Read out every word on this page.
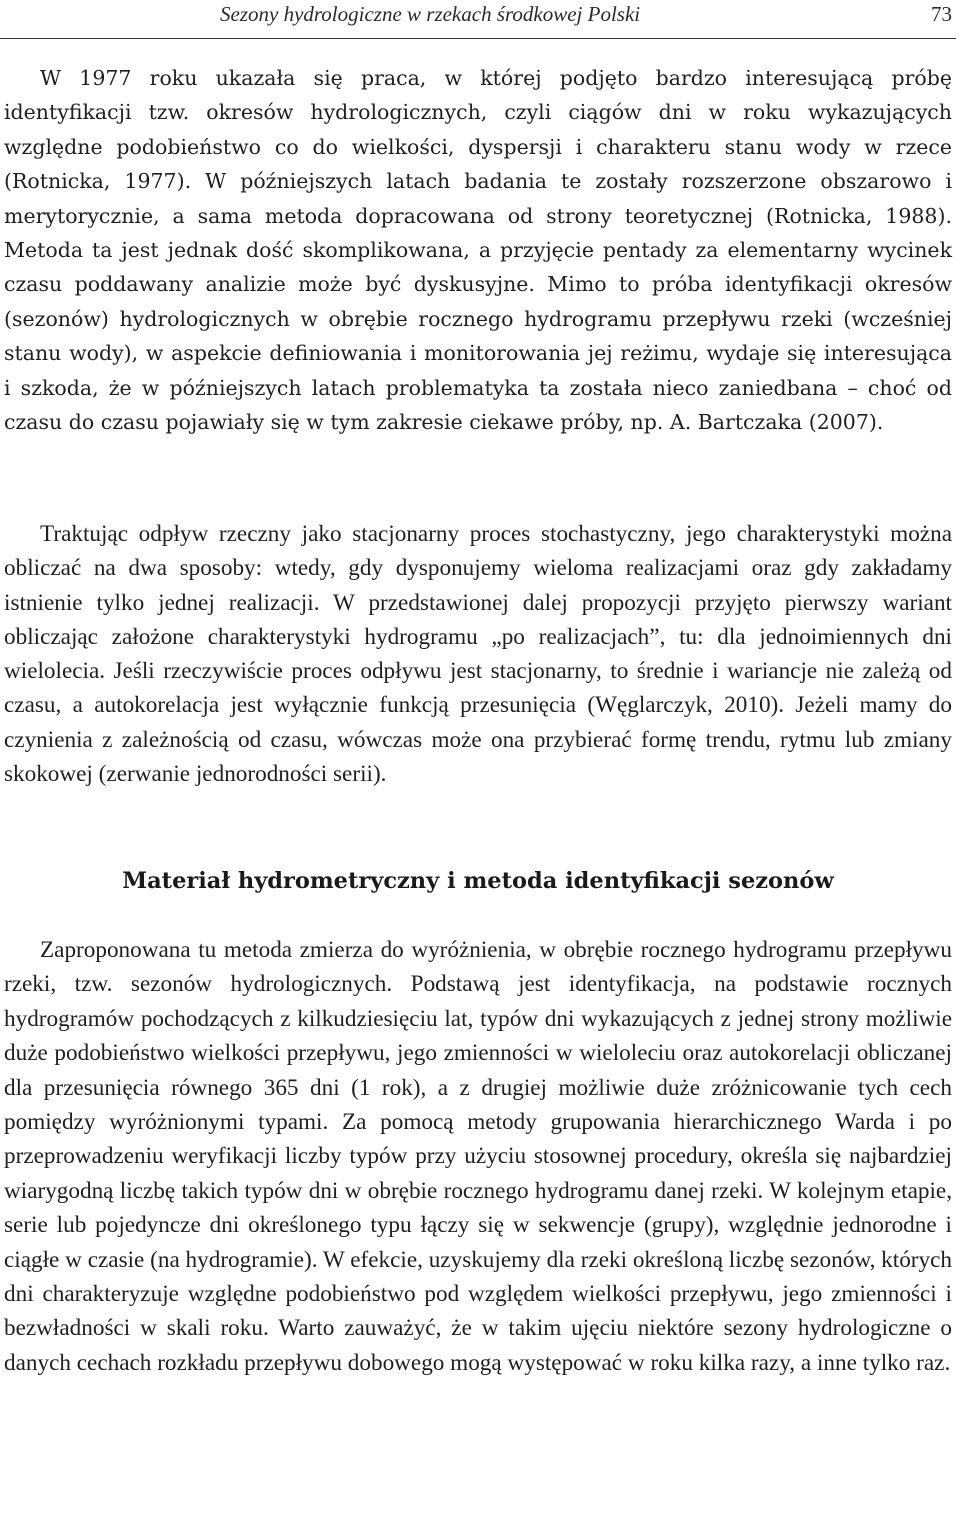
Sezony hydrologiczne w rzekach środkowej Polski	73

W 1977 roku ukazała się praca, w której podjęto bardzo interesującą próbę identyfikacji tzw. okresów hydrologicznych, czyli ciągów dni w roku wykazujących względne podobieństwo co do wielkości, dyspersji i charakteru stanu wody w rzece (Rotnicka, 1977). W późniejszych latach badania te zostały rozszerzone obszarowo i merytorycznie, a sama metoda dopracowana od strony teoretycznej (Rotnicka, 1988). Metoda ta jest jednak dość skomplikowana, a przyjęcie pentady za elementarny wycinek czasu poddawany analizie może być dyskusyjne. Mimo to próba identyfikacji okresów (sezonów) hydrologicznych w obrębie rocznego hydrogramu przepływu rzeki (wcześniej stanu wody), w aspekcie definiowania i monitorowania jej reżimu, wydaje się interesująca i szkoda, że w późniejszych latach problematyka ta została nieco zaniedbana – choć od czasu do czasu pojawiały się w tym zakresie ciekawe próby, np. A. Bartczaka (2007).

Traktując odpływ rzeczny jako stacjonarny proces stochastyczny, jego charakterystyki można obliczać na dwa sposoby: wtedy, gdy dysponujemy wieloma realizacjami oraz gdy zakładamy istnienie tylko jednej realizacji. W przedstawionej dalej propozycji przyjęto pierwszy wariant obliczając założone charakterystyki hydrogramu „po realizacjach”, tu: dla jednoimiennych dni wielolecia. Jeśli rzeczywiście proces odpływu jest stacjonarny, to średnie i wariancje nie zależą od czasu, a autokorelacja jest wyłącznie funkcją przesunięcia (Węglarczyk, 2010). Jeżeli mamy do czynienia z zależnością od czasu, wówczas może ona przybierać formę trendu, rytmu lub zmiany skokowej (zerwanie jednorodności serii).

Materiał hydrometryczny i metoda identyfikacji sezonów

Zaproponowana tu metoda zmierza do wyróżnienia, w obrębie rocznego hydrogramu przepływu rzeki, tzw. sezonów hydrologicznych. Podstawą jest identyfikacja, na podstawie rocznych hydrogramów pochodzących z kilkudziesięciu lat, typów dni wykazujących z jednej strony możliwie duże podobieństwo wielkości przepływu, jego zmienności w wieloleciu oraz autokorelacji obliczanej dla przesunięcia równego 365 dni (1 rok), a z drugiej możliwie duże zróżnicowanie tych cech pomiędzy wyróżnionymi typami. Za pomocą metody grupowania hierarchicznego Warda i po przeprowadzeniu weryfikacji liczby typów przy użyciu stosownej procedury, określa się najbardziej wiarygodną liczbę takich typów dni w obrębie rocznego hydrogramu danej rzeki. W kolejnym etapie, serie lub pojedyncze dni określonego typu łączy się w sekwencje (grupy), względnie jednorodne i ciągłe w czasie (na hydrogramie). W efekcie, uzyskujemy dla rzeki określoną liczbę sezonów, których dni charakteryzuje względne podobieństwo pod względem wielkości przepływu, jego zmienności i bezwładności w skali roku. Warto zauważyć, że w takim ujęciu niektóre sezony hydrologiczne o danych cechach rozkładu przepływu dobowego mogą występować w roku kilka razy, a inne tylko raz.
